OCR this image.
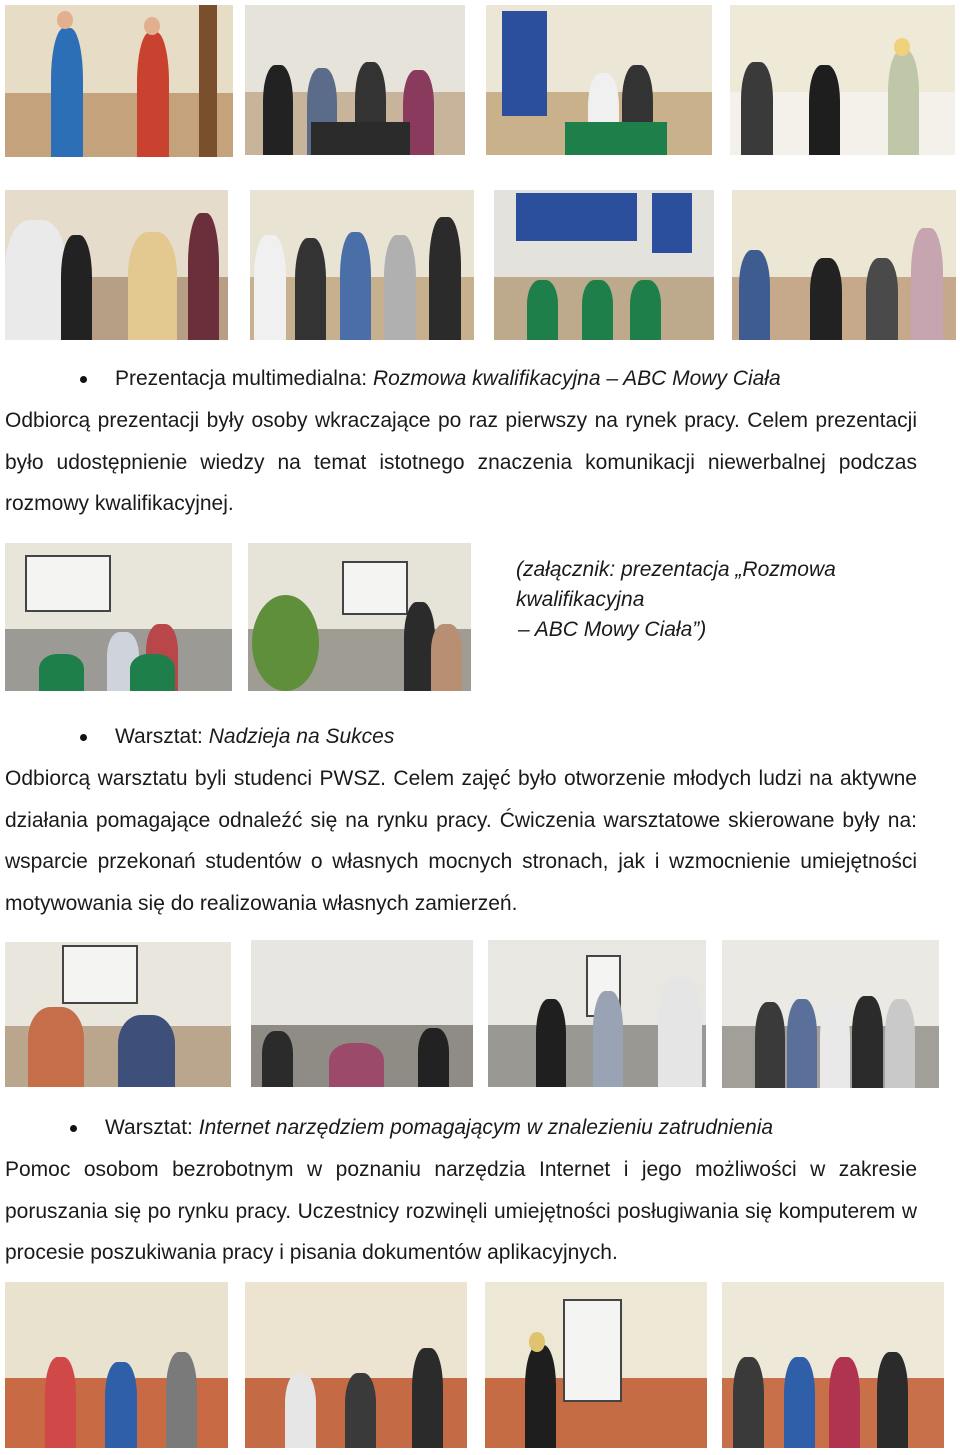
Prezentacja multimedialna: Rozmowa kwalifikacyjna – ABC Mowy Ciała
Odbiorcą prezentacji były osoby wkraczające po raz pierwszy na rynek pracy. Celem prezentacji było udostępnienie wiedzy na temat istotnego znaczenia komunikacji niewerbalnej podczas rozmowy kwalifikacyjnej.
(załącznik: prezentacja „Rozmowa kwalifikacyjna
– ABC Mowy Ciała”)
Warsztat: Nadzieja na Sukces
Odbiorcą warsztatu byli studenci PWSZ. Celem zajęć było otworzenie młodych ludzi na aktywne działania pomagające odnaleźć się na rynku pracy. Ćwiczenia warsztatowe skierowane były na: wsparcie przekonań studentów o własnych mocnych stronach, jak i wzmocnienie umiejętności motywowania się do realizowania własnych zamierzeń.
Warsztat: Internet narzędziem pomagającym w znalezieniu zatrudnienia
Pomoc osobom bezrobotnym w poznaniu narzędzia Internet i jego możliwości w zakresie poruszania się po rynku pracy. Uczestnicy rozwinęli umiejętności posługiwania się komputerem w procesie poszukiwania pracy i pisania dokumentów aplikacyjnych.
